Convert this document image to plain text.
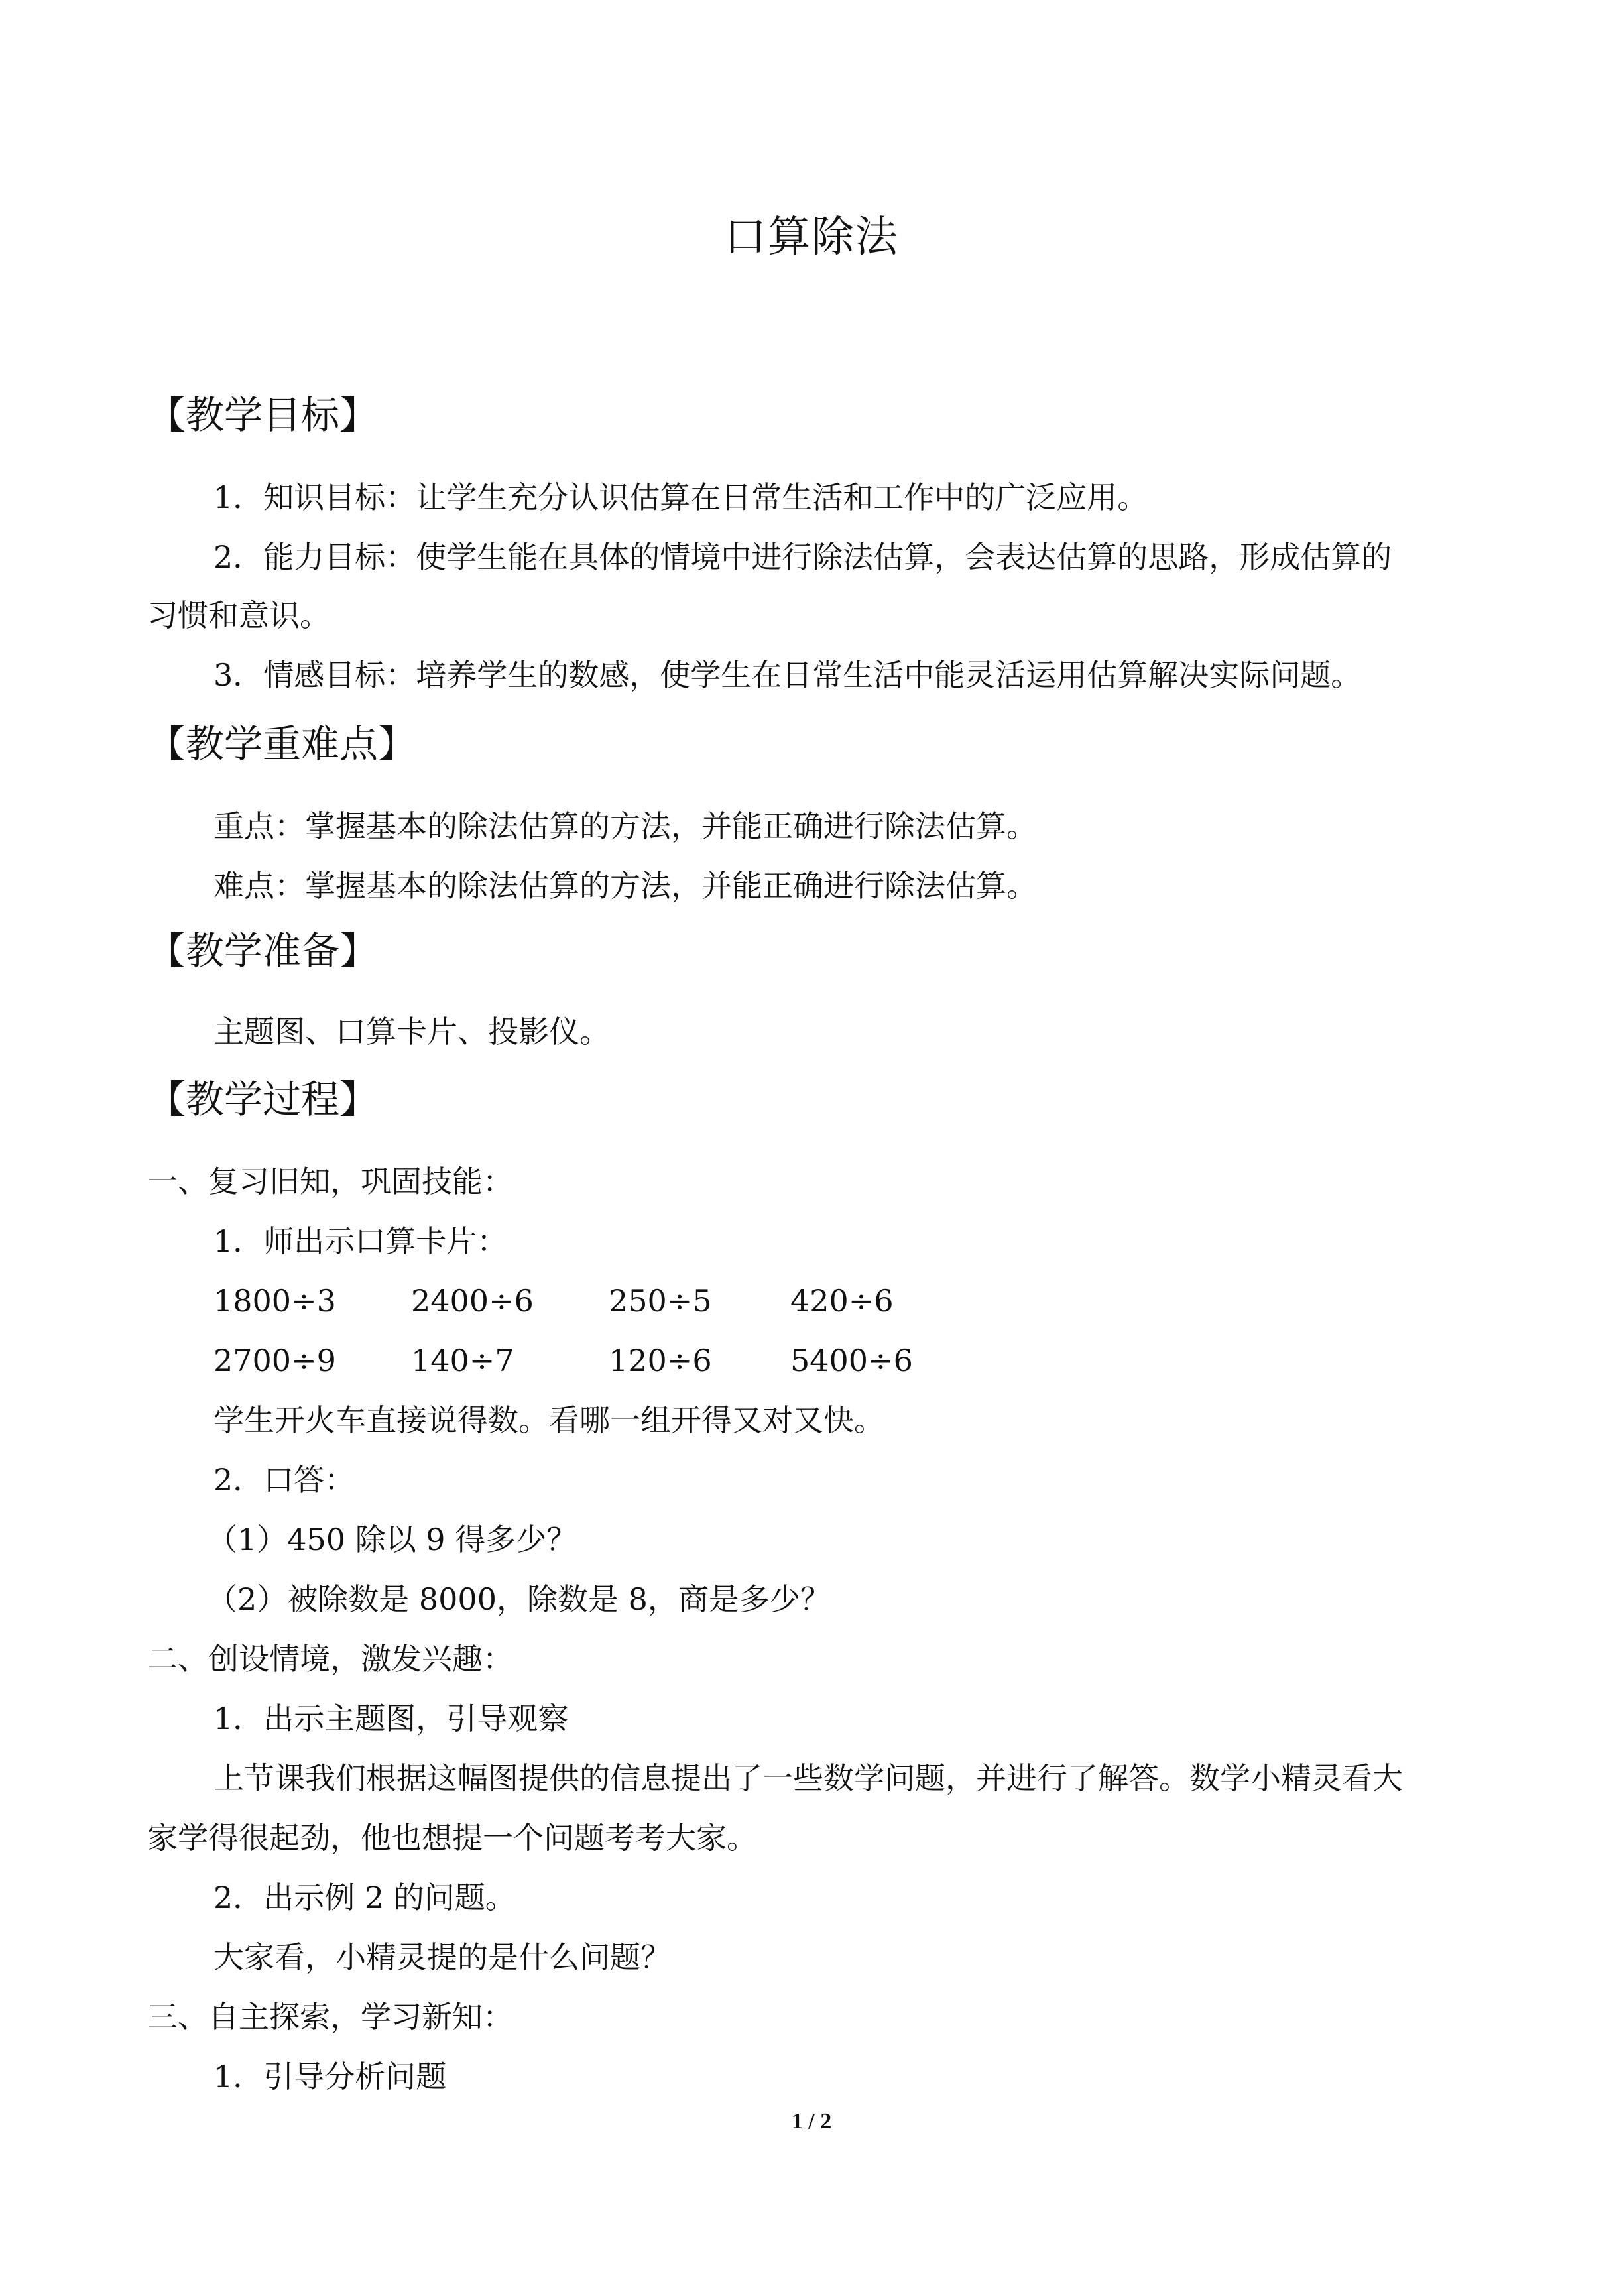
口算除法
【教学目标】
1．知识目标：让学生充分认识估算在日常生活和工作中的广泛应用。
2．能力目标：使学生能在具体的情境中进行除法估算，会表达估算的思路，形成估算的
习惯和意识。
3．情感目标：培养学生的数感，使学生在日常生活中能灵活运用估算解决实际问题。
【教学重难点】
重点：掌握基本的除法估算的方法，并能正确进行除法估算。
难点：掌握基本的除法估算的方法，并能正确进行除法估算。
【教学准备】
主题图、口算卡片、投影仪。
【教学过程】
一、复习旧知，巩固技能：
1．师出示口算卡片：
1800÷3 2400÷6 250÷5	420÷6
2700÷9 140÷7	120÷6	5400÷6
学生开火车直接说得数。看哪一组开得又对又快。
2．口答：
（1）450 除以 9 得多少？
（2）被除数是 8000，除数是 8，商是多少？
二、创设情境，激发兴趣：
1．出示主题图，引导观察
上节课我们根据这幅图提供的信息提出了一些数学问题，并进行了解答。数学小精灵看大
家学得很起劲，他也想提一个问题考考大家。
2．出示例 2 的问题。
大家看，小精灵提的是什么问题？
三、自主探索，学习新知：
1．引导分析问题
1 / 2
